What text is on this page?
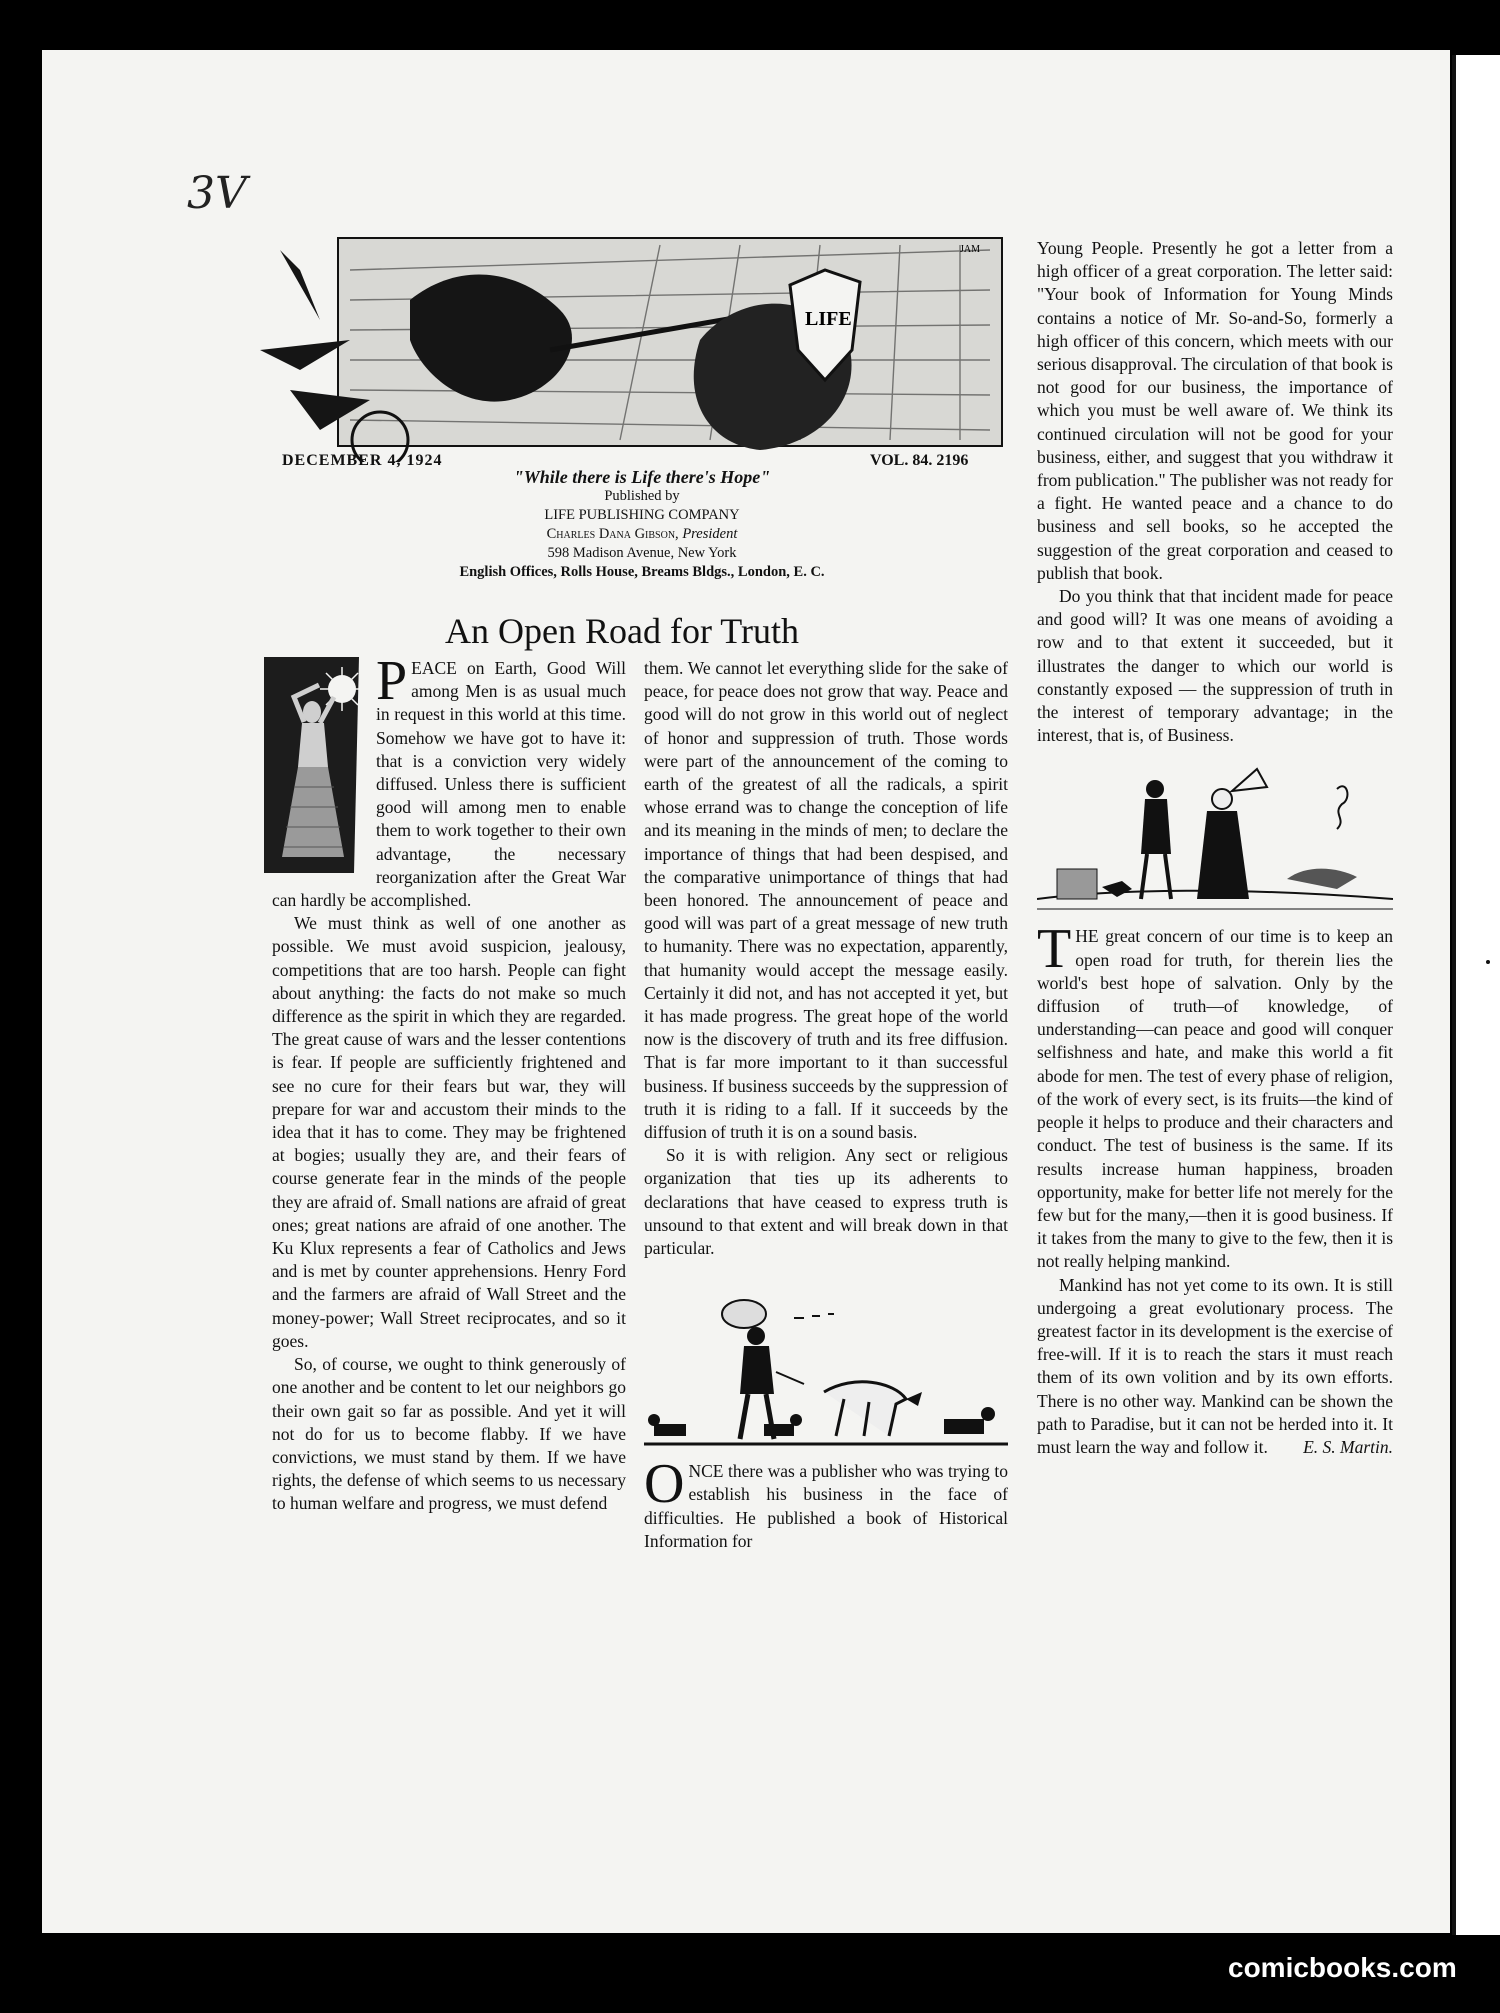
3V
LIFE
JAM
DECEMBER 4, 1924	VOL. 84. 2196
"While there is Life there's Hope"
Published by
LIFE PUBLISHING COMPANY
Charles Dana Gibson, President
598 Madison Avenue, New York
English Offices, Rolls House, Breams Bldgs., London, E. C.
An Open Road for Truth

PEACE on Earth, Good Will among Men is as usual much in request in this world at this time. Somehow we have got to have it: that is a conviction very widely diffused. Unless there is sufficient good will among men to enable them to work together to their own advantage, the necessary reorganization after the Great War can hardly be accomplished.

We must think as well of one another as possible. We must avoid suspicion, jealousy, competitions that are too harsh. People can fight about anything: the facts do not make so much difference as the spirit in which they are regarded. The great cause of wars and the lesser contentions is fear. If people are sufficiently frightened and see no cure for their fears but war, they will prepare for war and accustom their minds to the idea that it has to come. They may be frightened at bogies; usually they are, and their fears of course generate fear in the minds of the people they are afraid of. Small nations are afraid of great ones; great nations are afraid of one another. The Ku Klux represents a fear of Catholics and Jews and is met by counter apprehensions. Henry Ford and the farmers are afraid of Wall Street and the money-power; Wall Street reciprocates, and so it goes.

So, of course, we ought to think generously of one another and be content to let our neighbors go their own gait so far as possible. And yet it will not do for us to become flabby. If we have convictions, we must stand by them. If we have rights, the defense of which seems to us necessary to human welfare and progress, we must defend

them. We cannot let everything slide for the sake of peace, for peace does not grow that way. Peace and good will do not grow in this world out of neglect of honor and suppression of truth. Those words were part of the announcement of the coming to earth of the greatest of all the radicals, a spirit whose errand was to change the conception of life and its meaning in the minds of men; to declare the importance of things that had been despised, and the comparative unimportance of things that had been honored. The announcement of peace and good will was part of a great message of new truth to humanity. There was no expectation, apparently, that humanity would accept the message easily. Certainly it did not, and has not accepted it yet, but it has made progress. The great hope of the world now is the discovery of truth and its free diffusion. That is far more important to it than successful business. If business succeeds by the suppression of truth it is riding to a fall. If it succeeds by the diffusion of truth it is on a sound basis.

So it is with religion. Any sect or religious organization that ties up its adherents to declarations that have ceased to express truth is unsound to that extent and will break down in that particular.

ONCE there was a publisher who was trying to establish his business in the face of difficulties. He published a book of Historical Information for

Young People. Presently he got a letter from a high officer of a great corporation. The letter said: "Your book of Information for Young Minds contains a notice of Mr. So-and-So, formerly a high officer of this concern, which meets with our serious disapproval. The circulation of that book is not good for our business, the importance of which you must be well aware of. We think its continued circulation will not be good for your business, either, and suggest that you withdraw it from publication." The publisher was not ready for a fight. He wanted peace and a chance to do business and sell books, so he accepted the suggestion of the great corporation and ceased to publish that book.

Do you think that that incident made for peace and good will? It was one means of avoiding a row and to that extent it succeeded, but it illustrates the danger to which our world is constantly exposed — the suppression of truth in the interest of temporary advantage; in the interest, that is, of Business.

THE great concern of our time is to keep an open road for truth, for therein lies the world's best hope of salvation. Only by the diffusion of truth—of knowledge, of understanding—can peace and good will conquer selfishness and hate, and make this world a fit abode for men. The test of every phase of religion, of the work of every sect, is its fruits—the kind of people it helps to produce and their characters and conduct. The test of business is the same. If its results increase human happiness, broaden opportunity, make for better life not merely for the few but for the many,—then it is good business. If it takes from the many to give to the few, then it is not really helping mankind.

Mankind has not yet come to its own. It is still undergoing a great evolutionary process. The greatest factor in its development is the exercise of free-will. If it is to reach the stars it must reach them of its own volition and by its own efforts. There is no other way. Mankind can be shown the path to Paradise, but it can not be herded into it. It must learn the way and follow it.	E. S. Martin.

comicbooks.com
